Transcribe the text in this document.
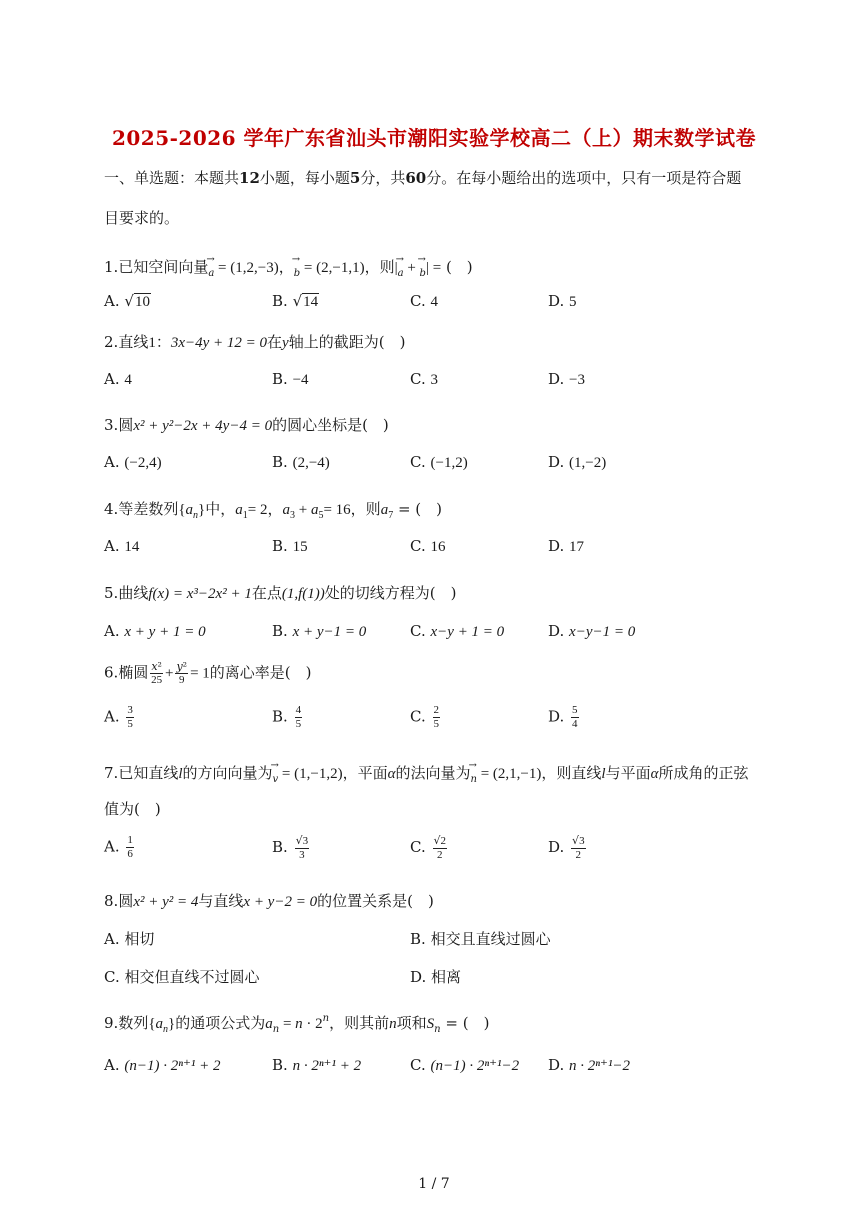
2025-2026 学年广东省汕头市潮阳实验学校高二（上）期末数学试卷
一、单选题：本题共12小题，每小题5分，共60分。在每小题给出的选项中，只有一项是符合题
目要求的。
1.已知空间向量→ a = (1,2,−3)，→ b = (2,−1,1)，则|→ a + → b| = (　)
A. √10	B. √14	C. 4	D. 5
2.直线1：3x−4y + 12 = 0在y轴上的截距为(　)
A. 4	B. −4	C. 3	D. −3
3.圆x² + y²−2x + 4y−4 = 0的圆心坐标是(　)
A. (−2,4)	B. (2,−4)	C. (−1,2)	D. (1,−2)
4.等差数列$\{a_n\}$中，$a_1= 2$，$a_3 + a_5= 16$，则$a_7$ = (　)
A. 14	B. 15	C. 16	D. 17
5.曲线f(x) = x³−2x² + 1在点(1,f(1))处的切线方程为(　)
A. x + y + 1 = 0	B. x + y−1 = 0	C. x−y + 1 = 0	D. x−y−1 = 0
6.椭圆 $\frac{\text{x²}}{25} + \frac{\text{y²}}{9} = 1$的离心率是(　)
A. $\frac{3}{5}$	B. $\frac{4}{5}$	C. $\frac{2}{5}$	D. $\frac{5}{4}$
7.已知直线l的方向向量为→ v = (1,−1,2)，平面α的法向量为→ n = (2,1,−1)，则直线l与平面α所成角的正弦
值为(　)
A. $\frac{1}{6}$	B. $\frac{√3}{3}$	C. $\frac{√2}{2}$	D. $\frac{√3}{2}$
8.圆x² + y² = 4与直线x + y−2 = 0的位置关系是(　)
A. 相切	B. 相交且直线过圆心
C. 相交但直线不过圆心	D. 相离
9.数列$\{a_n\}$的通项公式为$a_n = n \cdot 2^n$，则其前n项和$S_n$ = (　)
A. (n−1) · 2ⁿ⁺¹ + 2	B. n · 2ⁿ⁺¹ + 2	C. (n−1) · 2ⁿ⁺¹−2 D. n · 2ⁿ⁺¹−2
1 / 7
